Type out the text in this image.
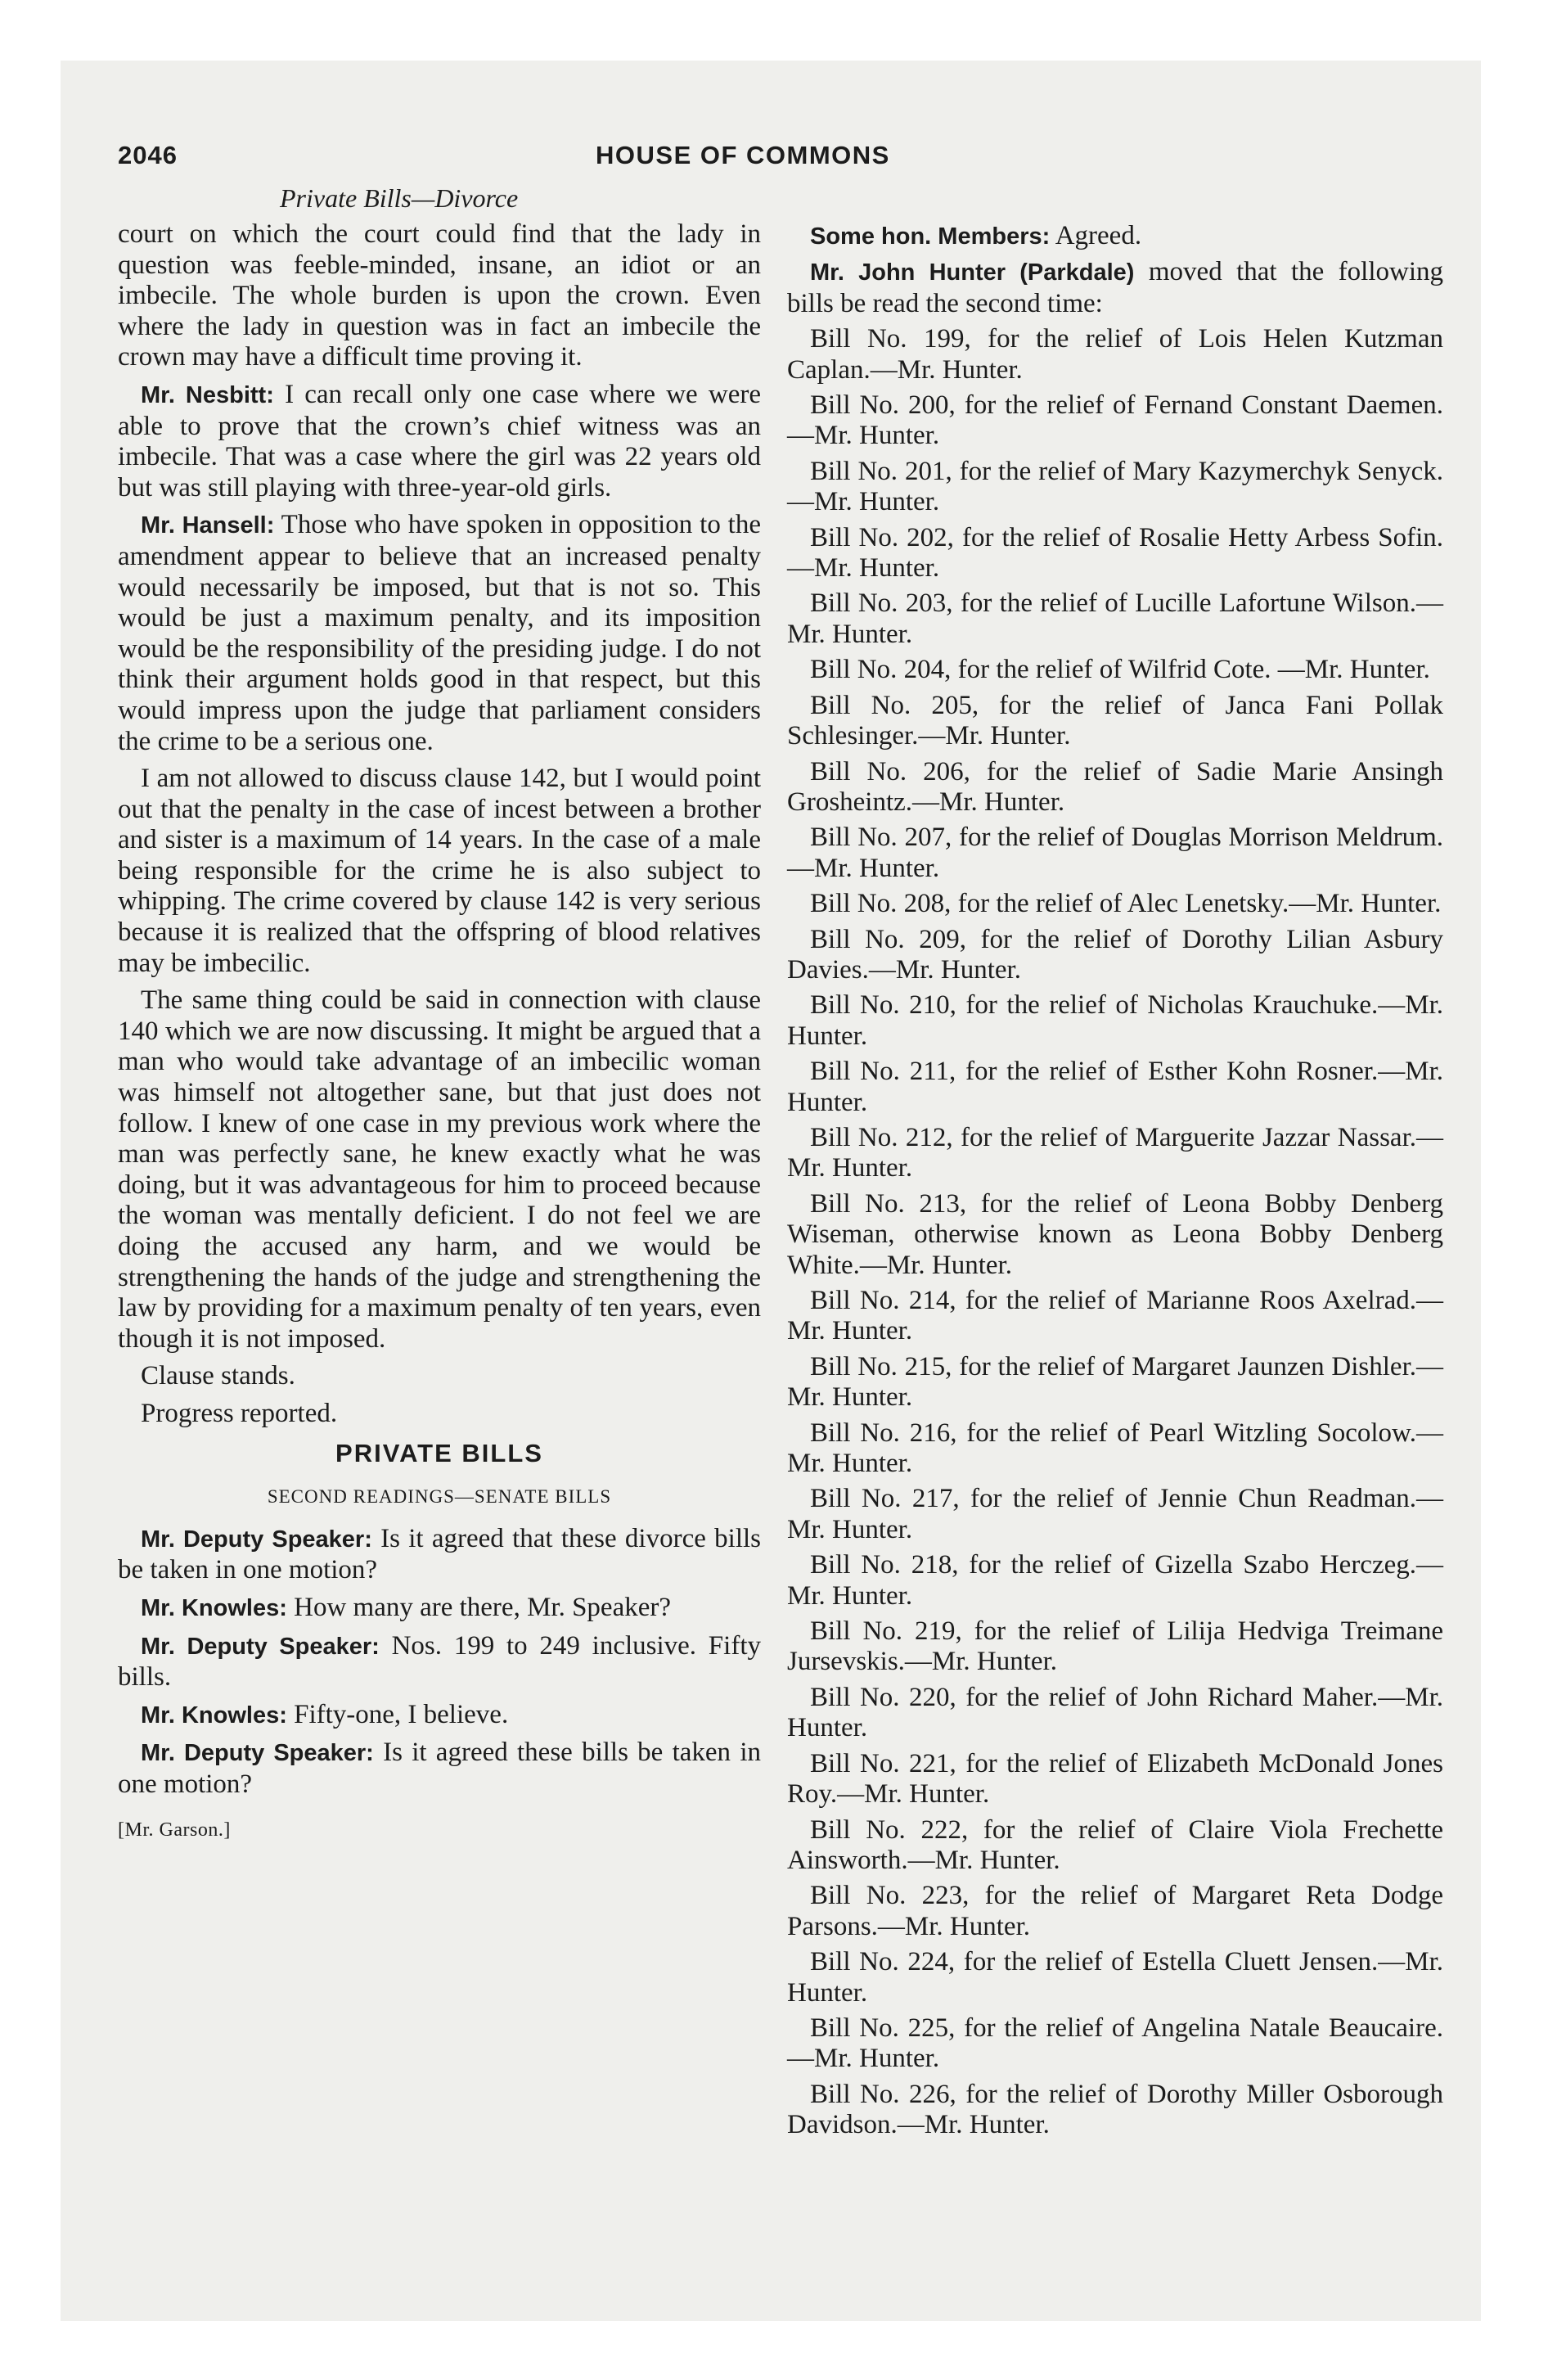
2046	HOUSE OF COMMONS
Private Bills—Divorce

court on which the court could find that the lady in question was feeble-minded, insane, an idiot or an imbecile. The whole burden is upon the crown. Even where the lady in question was in fact an imbecile the crown may have a difficult time proving it.

Mr. Nesbitt: I can recall only one case where we were able to prove that the crown’s chief witness was an imbecile. That was a case where the girl was 22 years old but was still playing with three-year-old girls.

Mr. Hansell: Those who have spoken in opposition to the amendment appear to believe that an increased penalty would necessarily be imposed, but that is not so. This would be just a maximum penalty, and its imposition would be the responsibility of the presiding judge. I do not think their argument holds good in that respect, but this would impress upon the judge that parliament considers the crime to be a serious one.

I am not allowed to discuss clause 142, but I would point out that the penalty in the case of incest between a brother and sister is a maximum of 14 years. In the case of a male being responsible for the crime he is also subject to whipping. The crime covered by clause 142 is very serious because it is realized that the offspring of blood relatives may be imbecilic.

The same thing could be said in connection with clause 140 which we are now discussing. It might be argued that a man who would take advantage of an imbecilic woman was himself not altogether sane, but that just does not follow. I knew of one case in my previous work where the man was perfectly sane, he knew exactly what he was doing, but it was advantageous for him to proceed because the woman was mentally deficient. I do not feel we are doing the accused any harm, and we would be strengthening the hands of the judge and strengthening the law by providing for a maximum penalty of ten years, even though it is not imposed.

Clause stands.

Progress reported.

PRIVATE BILLS
SECOND READINGS—SENATE BILLS

Mr. Deputy Speaker: Is it agreed that these divorce bills be taken in one motion?

Mr. Knowles: How many are there, Mr. Speaker?

Mr. Deputy Speaker: Nos. 199 to 249 inclusive. Fifty bills.

Mr. Knowles: Fifty-one, I believe.

Mr. Deputy Speaker: Is it agreed these bills be taken in one motion?

[Mr. Garson.]

Some hon. Members: Agreed.

Mr. John Hunter (Parkdale) moved that the following bills be read the second time:

Bill No. 199, for the relief of Lois Helen Kutzman Caplan.—Mr. Hunter.

Bill No. 200, for the relief of Fernand Constant Daemen.—Mr. Hunter.

Bill No. 201, for the relief of Mary Kazymerchyk Senyck.—Mr. Hunter.

Bill No. 202, for the relief of Rosalie Hetty Arbess Sofin.—Mr. Hunter.

Bill No. 203, for the relief of Lucille Lafortune Wilson.—Mr. Hunter.

Bill No. 204, for the relief of Wilfrid Cote. —Mr. Hunter.

Bill No. 205, for the relief of Janca Fani Pollak Schlesinger.—Mr. Hunter.

Bill No. 206, for the relief of Sadie Marie Ansingh Grosheintz.—Mr. Hunter.

Bill No. 207, for the relief of Douglas Morrison Meldrum.—Mr. Hunter.

Bill No. 208, for the relief of Alec Lenetsky.—Mr. Hunter.

Bill No. 209, for the relief of Dorothy Lilian Asbury Davies.—Mr. Hunter.

Bill No. 210, for the relief of Nicholas Krauchuke.—Mr. Hunter.

Bill No. 211, for the relief of Esther Kohn Rosner.—Mr. Hunter.

Bill No. 212, for the relief of Marguerite Jazzar Nassar.—Mr. Hunter.

Bill No. 213, for the relief of Leona Bobby Denberg Wiseman, otherwise known as Leona Bobby Denberg White.—Mr. Hunter.

Bill No. 214, for the relief of Marianne Roos Axelrad.—Mr. Hunter.

Bill No. 215, for the relief of Margaret Jaunzen Dishler.—Mr. Hunter.

Bill No. 216, for the relief of Pearl Witzling Socolow.—Mr. Hunter.

Bill No. 217, for the relief of Jennie Chun Readman.—Mr. Hunter.

Bill No. 218, for the relief of Gizella Szabo Herczeg.—Mr. Hunter.

Bill No. 219, for the relief of Lilija Hedviga Treimane Jursevskis.—Mr. Hunter.

Bill No. 220, for the relief of John Richard Maher.—Mr. Hunter.

Bill No. 221, for the relief of Elizabeth McDonald Jones Roy.—Mr. Hunter.

Bill No. 222, for the relief of Claire Viola Frechette Ainsworth.—Mr. Hunter.

Bill No. 223, for the relief of Margaret Reta Dodge Parsons.—Mr. Hunter.

Bill No. 224, for the relief of Estella Cluett Jensen.—Mr. Hunter.

Bill No. 225, for the relief of Angelina Natale Beaucaire.—Mr. Hunter.

Bill No. 226, for the relief of Dorothy Miller Osborough Davidson.—Mr. Hunter.
